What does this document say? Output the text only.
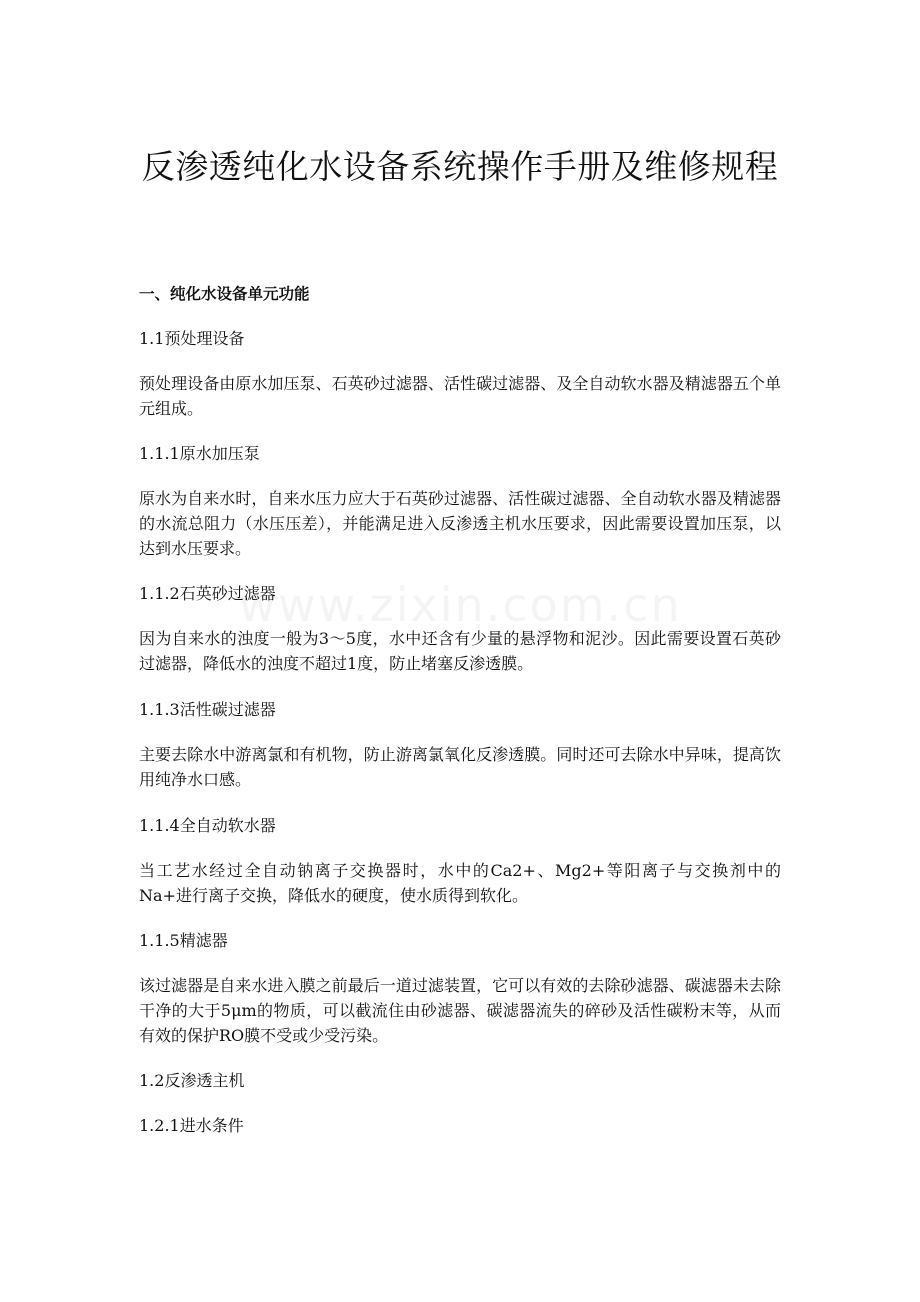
www.zixin.com.cn
反渗透纯化水设备系统操作手册及维修规程

一、纯化水设备单元功能

1.1预处理设备

预处理设备由原水加压泵、石英砂过滤器、活性碳过滤器、及全自动软水器及精滤器五个单元组成。

1.1.1原水加压泵

原水为自来水时，自来水压力应大于石英砂过滤器、活性碳过滤器、全自动软水器及精滤器的水流总阻力（水压压差），并能满足进入反渗透主机水压要求，因此需要设置加压泵，以达到水压要求。

1.1.2石英砂过滤器

因为自来水的浊度一般为3～5度，水中还含有少量的悬浮物和泥沙。因此需要设置石英砂过滤器，降低水的浊度不超过1度，防止堵塞反渗透膜。

1.1.3活性碳过滤器

主要去除水中游离氯和有机物，防止游离氯氧化反渗透膜。同时还可去除水中异味，提高饮用纯净水口感。

1.1.4全自动软水器

当工艺水经过全自动钠离子交换器时，水中的Ca2+、Mg2+等阳离子与交换剂中的Na+进行离子交换，降低水的硬度，使水质得到软化。

1.1.5精滤器

该过滤器是自来水进入膜之前最后一道过滤装置，它可以有效的去除砂滤器、碳滤器未去除干净的大于5μm的物质，可以截流住由砂滤器、碳滤器流失的碎砂及活性碳粉末等，从而有效的保护RO膜不受或少受污染。

1.2反渗透主机

1.2.1进水条件
